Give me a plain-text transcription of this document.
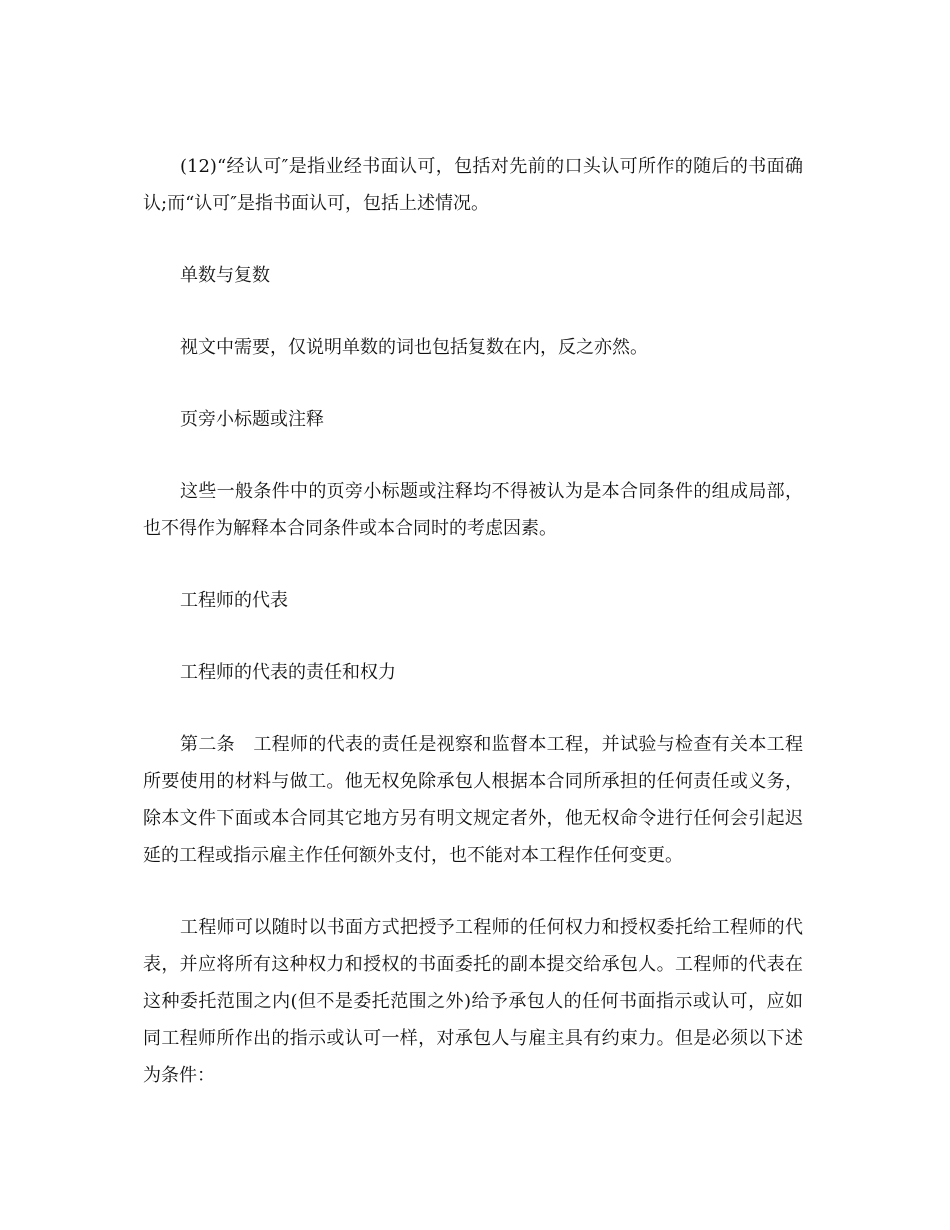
(12)“经认可″是指业经书面认可，包括对先前的口头认可所作的随后的书面确认;而“认可″是指书面认可，包括上述情况。

单数与复数

视文中需要，仅说明单数的词也包括复数在内，反之亦然。

页旁小标题或注释

这些一般条件中的页旁小标题或注释均不得被认为是本合同条件的组成局部，也不得作为解释本合同条件或本合同时的考虑因素。

工程师的代表

工程师的代表的责任和权力

第二条　工程师的代表的责任是视察和监督本工程，并试验与检查有关本工程所要使用的材料与做工。他无权免除承包人根据本合同所承担的任何责任或义务，除本文件下面或本合同其它地方另有明文规定者外，他无权命令进行任何会引起迟延的工程或指示雇主作任何额外支付，也不能对本工程作任何变更。

工程师可以随时以书面方式把授予工程师的任何权力和授权委托给工程师的代表，并应将所有这种权力和授权的书面委托的副本提交给承包人。工程师的代表在这种委托范围之内(但不是委托范围之外)给予承包人的任何书面指示或认可，应如同工程师所作出的指示或认可一样，对承包人与雇主具有约束力。但是必须以下述为条件：
